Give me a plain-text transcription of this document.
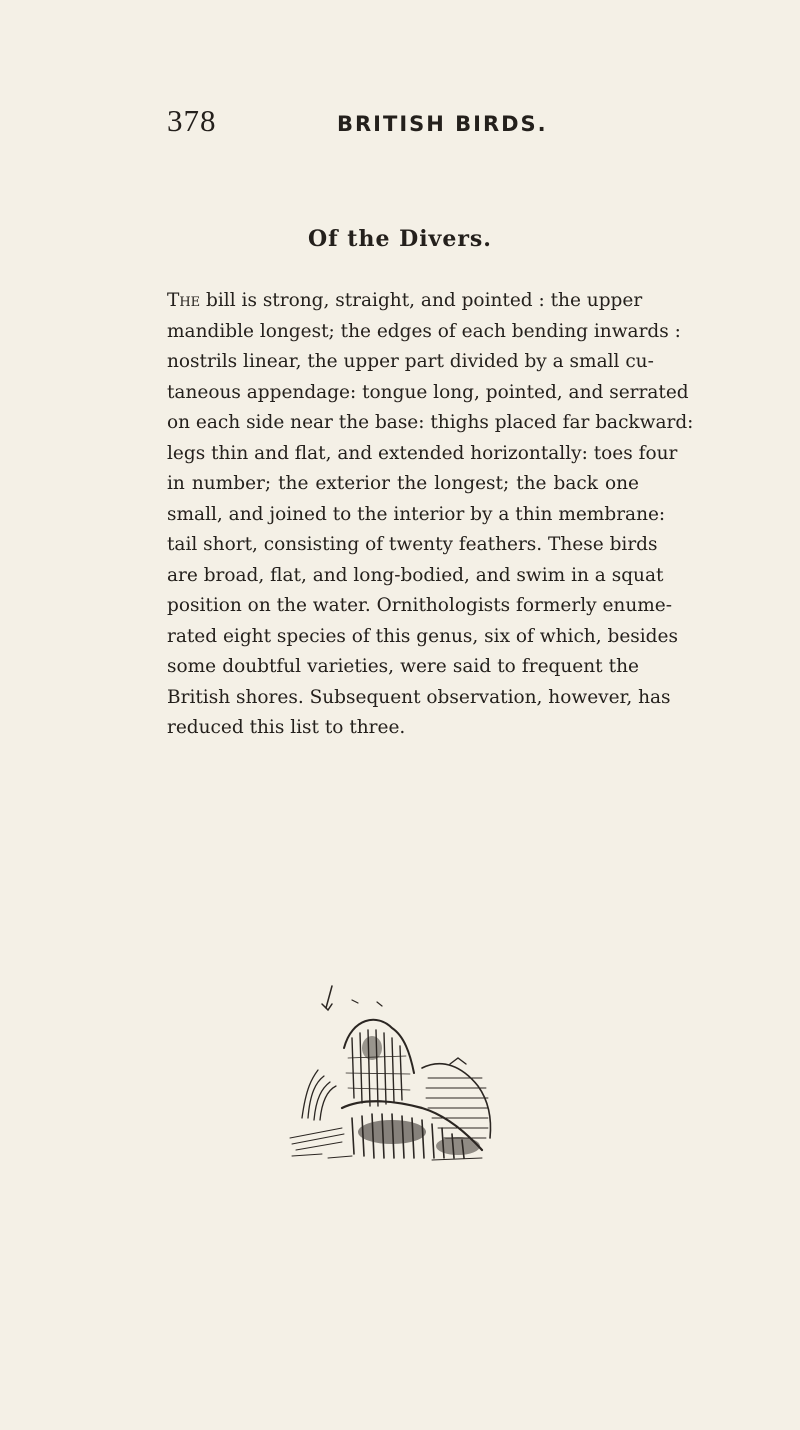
378	BRITISH BIRDS.
Of the Divers.
The bill is strong, straight, and pointed : the upper
mandible longest; the edges of each bending inwards :
nostrils linear, the upper part divided by a small cu-
taneous appendage: tongue long, pointed, and serrated
on each side near the base: thighs placed far backward:
legs thin and flat, and extended horizontally: toes four
in number; the exterior the longest; the back one
small, and joined to the interior by a thin membrane:
tail short, consisting of twenty feathers. These birds
are broad, flat, and long-bodied, and swim in a squat
position on the water. Ornithologists formerly enume-
rated eight species of this genus, six of which, besides
some doubtful varieties, were said to frequent the
British shores. Subsequent observation, however, has
reduced this list to three.
